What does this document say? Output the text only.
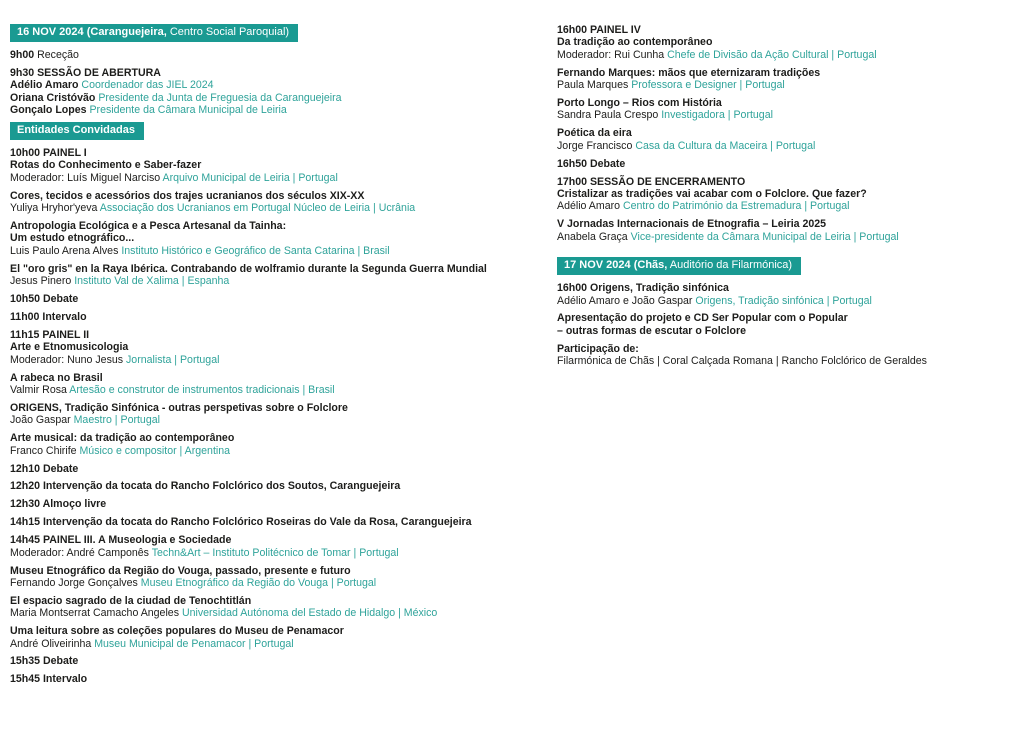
16 NOV 2024 (Caranguejeira, Centro Social Paroquial)
9h00 Receção
9h30 SESSÃO DE ABERTURA
Adélio Amaro Coordenador das JIEL 2024
Oriana Cristóvão Presidente da Junta de Freguesia da Caranguejeira
Gonçalo Lopes Presidente da Câmara Municipal de Leiria
Entidades Convidadas
10h00 PAINEL I
Rotas do Conhecimento e Saber-fazer
Moderador: Luís Miguel Narciso Arquivo Municipal de Leiria | Portugal
Cores, tecidos e acessórios dos trajes ucranianos dos séculos XIX-XX
Yuliya Hryhor'yeva Associação dos Ucranianos em Portugal Núcleo de Leiria | Ucrânia
Antropologia Ecológica e a Pesca Artesanal da Tainha:
Um estudo etnográfico...
Luis Paulo Arena Alves Instituto Histórico e Geográfico de Santa Catarina | Brasil
El "oro gris" en la Raya Ibérica. Contrabando de wolframio durante la Segunda Guerra Mundial
Jesus Pinero Instituto Val de Xalima | Espanha
10h50 Debate
11h00 Intervalo
11h15 PAINEL II
Arte e Etnomusicologia
Moderador: Nuno Jesus Jornalista | Portugal
A rabeca no Brasil
Valmir Rosa Artesão e construtor de instrumentos tradicionais | Brasil
ORIGENS, Tradição Sinfónica - outras perspetivas sobre o Folclore
João Gaspar Maestro | Portugal
Arte musical: da tradição ao contemporâneo
Franco Chirife Músico e compositor | Argentina
12h10 Debate
12h20 Intervenção da tocata do Rancho Folclórico dos Soutos, Caranguejeira
12h30 Almoço livre
14h15 Intervenção da tocata do Rancho Folclórico Roseiras do Vale da Rosa, Caranguejeira
14h45 PAINEL III. A Museologia e Sociedade
Moderador: André Camponês Techn&Art – Instituto Politécnico de Tomar | Portugal
Museu Etnográfico da Região do Vouga, passado, presente e futuro
Fernando Jorge Gonçalves Museu Etnográfico da Região do Vouga | Portugal
El espacio sagrado de la ciudad de Tenochtitlán
Maria Montserrat Camacho Angeles Universidad Autónoma del Estado de Hidalgo | México
Uma leitura sobre as coleções populares do Museu de Penamacor
André Oliveirinha Museu Municipal de Penamacor | Portugal
15h35 Debate
15h45 Intervalo
16h00 PAINEL IV
Da tradição ao contemporâneo
Moderador: Rui Cunha Chefe de Divisão da Ação Cultural | Portugal
Fernando Marques: mãos que eternizaram tradições
Paula Marques Professora e Designer | Portugal
Porto Longo – Rios com História
Sandra Paula Crespo Investigadora | Portugal
Poética da eira
Jorge Francisco Casa da Cultura da Maceira | Portugal
16h50 Debate
17h00 SESSÃO DE ENCERRAMENTO
Cristalizar as tradições vai acabar com o Folclore. Que fazer?
Adélio Amaro Centro do Património da Estremadura | Portugal
V Jornadas Internacionais de Etnografia – Leiria 2025
Anabela Graça Vice-presidente da Câmara Municipal de Leiria | Portugal
17 NOV 2024 (Chãs, Auditório da Filarmónica)
16h00 Origens, Tradição sinfónica
Adélio Amaro e João Gaspar Origens, Tradição sinfónica | Portugal
Apresentação do projeto e CD Ser Popular com o Popular
– outras formas de escutar o Folclore
Participação de:
Filarmónica de Chãs | Coral Calçada Romana | Rancho Folclórico de Geraldes
